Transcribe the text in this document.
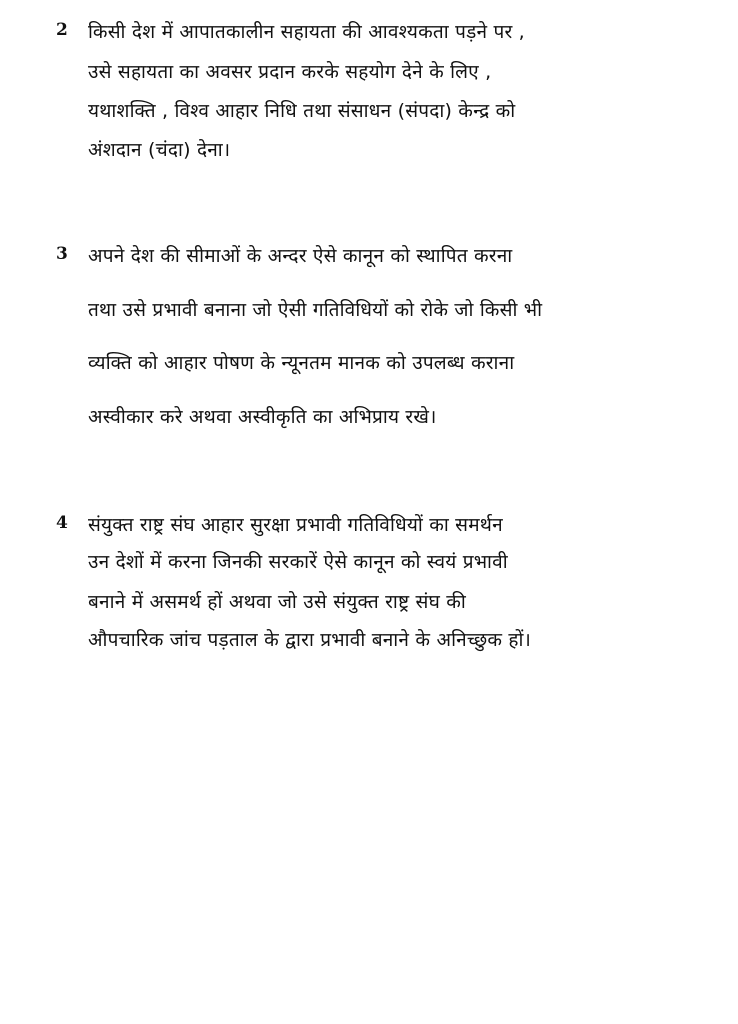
2 किसी देश में आपातकालीन सहायता की आवश्यकता पड़ने पर ,
उसे सहायता का अवसर प्रदान करके सहयोग देने के लिए ,
यथाशक्ति , विश्व आहार निधि तथा संसाधन (संपदा) केन्द्र को
अंशदान (चंदा) देना।
3 अपने देश की सीमाओं के अन्दर ऐसे कानून को स्थापित करना
तथा उसे प्रभावी बनाना जो ऐसी गतिविधियों को रोके जो किसी भी
व्यक्ति को आहार पोषण के न्यूनतम मानक को उपलब्ध कराना
अस्वीकार करे अथवा अस्वीकृति का अभिप्राय रखे।
4 संयुक्त राष्ट्र संघ आहार सुरक्षा प्रभावी गतिविधियों का समर्थन
उन देशों में करना जिनकी सरकारें ऐसे कानून को स्वयं प्रभावी
बनाने में असमर्थ हों अथवा जो उसे संयुक्त राष्ट्र संघ की
औपचारिक जांच पड़ताल के द्वारा प्रभावी बनाने के अनिच्छुक हों।
